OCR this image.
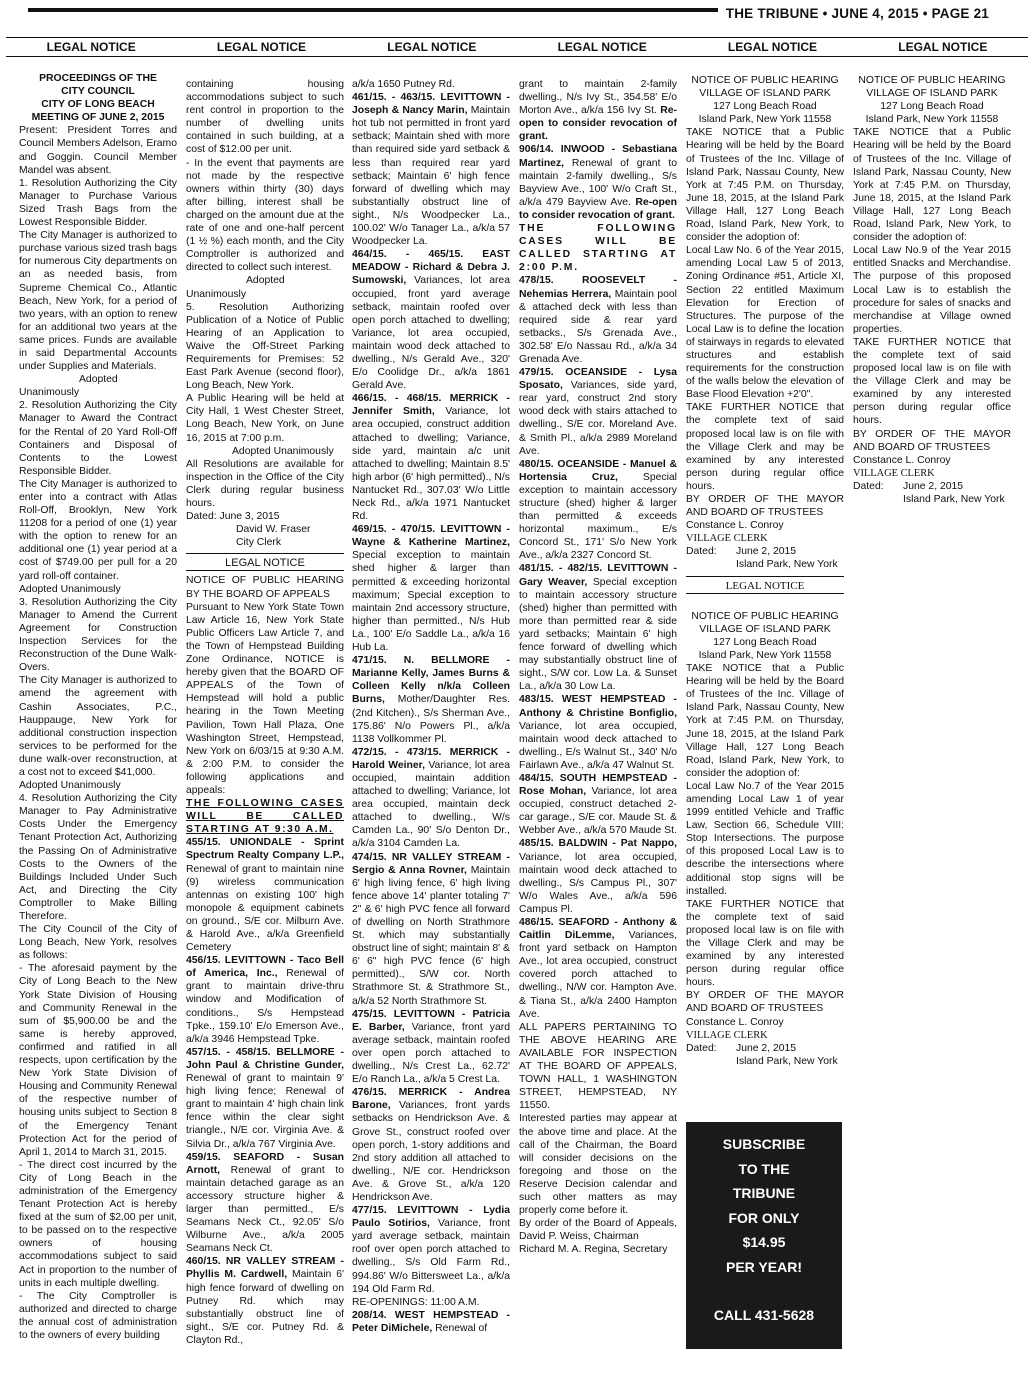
THE TRIBUNE • JUNE 4, 2015 • PAGE 21
LEGAL NOTICE	LEGAL NOTICE	LEGAL NOTICE	LEGAL NOTICE	LEGAL NOTICE	LEGAL NOTICE

PROCEEDINGS OF THE

CITY COUNCIL

CITY OF LONG BEACH

MEETING OF JUNE 2, 2015

Present: President Torres and Council Members Adelson, Eramo and Goggin. Council Member Mandel was absent.

1. Resolution Authorizing the City Manager to Purchase Various Sized Trash Bags from the Lowest Responsible Bidder.

The City Manager is authorized to purchase various sized trash bags for numerous City departments on an as needed basis, from Supreme Chemical Co., Atlantic Beach, New York, for a period of two years, with an option to renew for an additional two years at the same prices. Funds are available in said Departmental Accounts under Supplies and Materials.

Adopted Unanimously

2. Resolution Authorizing the City Manager to Award the Contract for the Rental of 20 Yard Roll-Off Containers and Disposal of Contents to the Lowest Responsible Bidder.

The City Manager is authorized to enter into a contract with Atlas Roll-Off, Brooklyn, New York 11208 for a period of one (1) year with the option to renew for an additional one (1) year period at a cost of $749.00 per pull for a 20 yard roll-off container.

Adopted Unanimously

3. Resolution Authorizing the City Manager to Amend the Current Agreement for Construction Inspection Services for the Reconstruction of the Dune Walk-Overs.

The City Manager is authorized to amend the agreement with Cashin Associates, P.C., Hauppauge, New York for additional construction inspection services to be performed for the dune walk-over reconstruction, at a cost not to exceed $41,000.

Adopted Unanimously

4. Resolution Authorizing the City Manager to Pay Administrative Costs Under the Emergency Tenant Protection Act, Authorizing the Passing On of Administrative Costs to the Owners of the Buildings Included Under Such Act, and Directing the City Comptroller to Make Billing Therefore.

The City Council of the City of Long Beach, New York, resolves as follows:

- The aforesaid payment by the City of Long Beach to the New York State Division of Housing and Community Renewal in the sum of $5,900.00 be and the same is hereby approved, confirmed and ratified in all respects, upon certification by the New York State Division of Housing and Community Renewal of the respective number of housing units subject to Section 8 of the Emergency Tenant Protection Act for the period of April 1, 2014 to March 31, 2015.

- The direct cost incurred by the City of Long Beach in the administration of the Emergency Tenant Protection Act is hereby fixed at the sum of $2.00 per unit, to be passed on to the respective owners of housing accommodations subject to said Act in proportion to the number of units in each multiple dwelling.

- The City Comptroller is authorized and directed to charge the annual cost of administration to the owners of every building

containing housing accommodations subject to such rent control in proportion to the number of dwelling units contained in such building, at a cost of $12.00 per unit.

- In the event that payments are not made by the respective owners within thirty (30) days after billing, interest shall be charged on the amount due at the rate of one and one-half percent (1 ½ %) each month, and the City Comptroller is authorized and directed to collect such interest.

Adopted Unanimously

5. Resolution Authorizing Publication of a Notice of Public Hearing of an Application to Waive the Off-Street Parking Requirements for Premises: 52 East Park Avenue (second floor), Long Beach, New York.

A Public Hearing will be held at City Hall, 1 West Chester Street, Long Beach, New York, on June 16, 2015 at 7:00 p.m.

Adopted Unanimously

All Resolutions are available for inspection in the Office of the City Clerk during regular business hours.

Dated: June 3, 2015

David W. Fraser

City Clerk

LEGAL NOTICE

NOTICE OF PUBLIC HEARING BY THE BOARD OF APPEALS

Pursuant to New York State Town Law Article 16, New York State Public Officers Law Article 7, and the Town of Hempstead Building Zone Ordinance, NOTICE is hereby given that the BOARD OF APPEALS of the Town of Hempstead will hold a public hearing in the Town Meeting Pavilion, Town Hall Plaza, One Washington Street, Hempstead, New York on 6/03/15 at 9:30 A.M. & 2:00 P.M. to consider the following applications and appeals:

THE FOLLOWING CASES WILL BE CALLED STARTING AT 9:30 A.M.

455/15. UNIONDALE - Sprint Spectrum Realty Company L.P., Renewal of grant to maintain nine (9) wireless communication antennas on existing 100' high monopole & equipment cabinets on ground., S/E cor. Milburn Ave. & Harold Ave., a/k/a Greenfield Cemetery

456/15. LEVITTOWN - Taco Bell of America, Inc., Renewal of grant to maintain drive-thru window and Modification of conditions., S/s Hempstead Tpke., 159.10' E/o Emerson Ave., a/k/a 3946 Hempstead Tpke.

457/15. - 458/15. BELLMORE - John Paul & Christine Gunder, Renewal of grant to maintain 9' high living fence; Renewal of grant to maintain 4' high chain link fence within the clear sight triangle., N/E cor. Virginia Ave. & Silvia Dr., a/k/a 767 Virginia Ave.

459/15. SEAFORD - Susan Arnott, Renewal of grant to maintain detached garage as an accessory structure higher & larger than permitted., E/s Seamans Neck Ct., 92.05' S/o Wilburne Ave., a/k/a 2005 Seamans Neck Ct.

460/15. NR VALLEY STREAM - Phyllis M. Cardwell, Maintain 6' high fence forward of dwelling on Putney Rd. which may substantially obstruct line of sight., S/E cor. Putney Rd. & Clayton Rd.,

a/k/a 1650 Putney Rd.

461/15. - 463/15. LEVITTOWN - Joseph & Nancy Marin, Maintain hot tub not permitted in front yard setback; Maintain shed with more than required side yard setback & less than required rear yard setback; Maintain 6' high fence forward of dwelling which may substantially obstruct line of sight., N/s Woodpecker La., 100.02' W/o Tanager La., a/k/a 57 Woodpecker La.

464/15. - 465/15. EAST MEADOW - Richard & Debra J. Sumowski, Variances, lot area occupied, front yard average setback, maintain roofed over open porch attached to dwelling; Variance, lot area occupied, maintain wood deck attached to dwelling., N/s Gerald Ave., 320' E/o Coolidge Dr., a/k/a 1861 Gerald Ave.

466/15. - 468/15. MERRICK - Jennifer Smith, Variance, lot area occupied, construct addition attached to dwelling; Variance, side yard, maintain a/c unit attached to dwelling; Maintain 8.5' high arbor (6' high permitted)., N/s Nantucket Rd., 307.03' W/o Little Neck Rd., a/k/a 1971 Nantucket Rd.

469/15. - 470/15. LEVITTOWN - Wayne & Katherine Martinez, Special exception to maintain shed higher & larger than permitted & exceeding horizontal maximum; Special exception to maintain 2nd accessory structure, higher than permitted., N/s Hub La., 100' E/o Saddle La., a/k/a 16 Hub La.

471/15. N. BELLMORE - Marianne Kelly, James Burns & Colleen Kelly n/k/a Colleen Burns, Mother/Daughter Res. (2nd Kitchen)., S/s Sherman Ave., 175.86' N/o Powers Pl., a/k/a 1138 Vollkommer Pl.

472/15. - 473/15. MERRICK - Harold Weiner, Variance, lot area occupied, maintain addition attached to dwelling; Variance, lot area occupied, maintain deck attached to dwelling., W/s Camden La., 90' S/o Denton Dr., a/k/a 3104 Camden La.

474/15. NR VALLEY STREAM - Sergio & Anna Rovner, Maintain 6' high living fence, 6' high living fence above 14' planter totaling 7' 2" & 6' high PVC fence all forward of dwelling on North Strathmore St. which may substantially obstruct line of sight; maintain 8' & 6' 6" high PVC fence (6' high permitted)., S/W cor. North Strathmore St. & Strathmore St., a/k/a 52 North Strathmore St.

475/15. LEVITTOWN - Patricia E. Barber, Variance, front yard average setback, maintain roofed over open porch attached to dwelling., N/s Crest La., 62.72' E/o Ranch La., a/k/a 5 Crest La.

476/15. MERRICK - Andrea Barone, Variances, front yards setbacks on Hendrickson Ave. & Grove St., construct roofed over open porch, 1-story additions and 2nd story addition all attached to dwelling., N/E cor. Hendrickson Ave. & Grove St., a/k/a 120 Hendrickson Ave.

477/15. LEVITTOWN - Lydia Paulo Sotirios, Variance, front yard average setback, maintain roof over open porch attached to dwelling., S/s Old Farm Rd., 994.86' W/o Bittersweet La., a/k/a 194 Old Farm Rd.

RE-OPENINGS: 11:00 A.M.

208/14. WEST HEMPSTEAD - Peter DiMichele, Renewal of

grant to maintain 2-family dwelling., N/s Ivy St., 354.58' E/o Morton Ave., a/k/a 156 Ivy St. Re-open to consider revocation of grant.

906/14. INWOOD - Sebastiana Martinez, Renewal of grant to maintain 2-family dwelling., S/s Bayview Ave., 100' W/o Craft St., a/k/a 479 Bayview Ave. Re-open to consider revocation of grant.

THE FOLLOWING CASES WILL BE CALLED STARTING AT 2:00 P.M.

478/15. ROOSEVELT - Nehemias Herrera, Maintain pool & attached deck with less than required side & rear yard setbacks., S/s Grenada Ave., 302.58' E/o Nassau Rd., a/k/a 34 Grenada Ave.

479/15. OCEANSIDE - Lysa Sposato, Variances, side yard, rear yard, construct 2nd story wood deck with stairs attached to dwelling., S/E cor. Moreland Ave. & Smith Pl., a/k/a 2989 Moreland Ave.

480/15. OCEANSIDE - Manuel & Hortensia Cruz, Special exception to maintain accessory structure (shed) higher & larger than permitted & exceeds horizontal maximum., E/s Concord St., 171' S/o New York Ave., a/k/a 2327 Concord St.

481/15. - 482/15. LEVITTOWN - Gary Weaver, Special exception to maintain accessory structure (shed) higher than permitted with more than permitted rear & side yard setbacks; Maintain 6' high fence forward of dwelling which may substantially obstruct line of sight., S/W cor. Low La. & Sunset La., a/k/a 30 Low La.

483/15. WEST HEMPSTEAD - Anthony & Christine Bonfiglio, Variance, lot area occupied, maintain wood deck attached to dwelling., E/s Walnut St., 340' N/o Fairlawn Ave., a/k/a 47 Walnut St.

484/15. SOUTH HEMPSTEAD - Rose Mohan, Variance, lot area occupied, construct detached 2-car garage., S/E cor. Maude St. & Webber Ave., a/k/a 570 Maude St.

485/15. BALDWIN - Pat Nappo, Variance, lot area occupied, maintain wood deck attached to dwelling., S/s Campus Pl., 307' W/o Wales Ave., a/k/a 596 Campus Pl.

486/15. SEAFORD - Anthony & Caitlin DiLemme, Variances, front yard setback on Hampton Ave., lot area occupied, construct covered porch attached to dwelling., N/W cor. Hampton Ave. & Tiana St., a/k/a 2400 Hampton Ave.

ALL PAPERS PERTAINING TO THE ABOVE HEARING ARE AVAILABLE FOR INSPECTION AT THE BOARD OF APPEALS, TOWN HALL, 1 WASHINGTON STREET, HEMPSTEAD, NY 11550.

Interested parties may appear at the above time and place. At the call of the Chairman, the Board will consider decisions on the foregoing and those on the Reserve Decision calendar and such other matters as may properly come before it.

By order of the Board of Appeals, David P. Weiss, Chairman

Richard M. A. Regina, Secretary

NOTICE OF PUBLIC HEARING VILLAGE OF ISLAND PARK

127 Long Beach Road

Island Park, New York 11558

TAKE NOTICE that a Public Hearing will be held by the Board of Trustees of the Inc. Village of Island Park, Nassau County, New York at 7:45 P.M. on Thursday, June 18, 2015, at the Island Park Village Hall, 127 Long Beach Road, Island Park, New York, to consider the adoption of:

Local Law No. 6 of the Year 2015, amending Local Law 5 of 2013, Zoning Ordinance #51, Article XI, Section 22 entitled Maximum Elevation for Erection of Structures. The purpose of the Local Law is to define the location of stairways in regards to elevated structures and establish requirements for the construction of the walls below the elevation of Base Flood Elevation +2'0".

TAKE FURTHER NOTICE that the complete text of said proposed local law is on file with the Village Clerk and may be examined by any interested person during regular office hours.

BY ORDER OF THE MAYOR AND BOARD OF TRUSTEES

Constance L. Conroy

VILLAGE CLERK

Dated: June 2, 2015

Island Park, New York

LEGAL NOTICE

NOTICE OF PUBLIC HEARING VILLAGE OF ISLAND PARK

127 Long Beach Road

Island Park, New York 11558

TAKE NOTICE that a Public Hearing will be held by the Board of Trustees of the Inc. Village of Island Park, Nassau County, New York at 7:45 P.M. on Thursday, June 18, 2015, at the Island Park Village Hall, 127 Long Beach Road, Island Park, New York, to consider the adoption of:

Local Law No.7 of the Year 2015 amending Local Law 1 of year 1999 entitled Vehicle and Traffic Law, Section 66, Schedule VIII: Stop Intersections. The purpose of this proposed Local Law is to describe the intersections where additional stop signs will be installed.

TAKE FURTHER NOTICE that the complete text of said proposed local law is on file with the Village Clerk and may be examined by any interested person during regular office hours.

BY ORDER OF THE MAYOR AND BOARD OF TRUSTEES

Constance L. Conroy

VILLAGE CLERK

Dated: June 2, 2015

Island Park, New York

NOTICE OF PUBLIC HEARING VILLAGE OF ISLAND PARK

127 Long Beach Road

Island Park, New York 11558

TAKE NOTICE that a Public Hearing will be held by the Board of Trustees of the Inc. Village of Island Park, Nassau County, New York at 7:45 P.M. on Thursday, June 18, 2015, at the Island Park Village Hall, 127 Long Beach Road, Island Park, New York, to consider the adoption of:

Local Law No.9 of the Year 2015 entitled Snacks and Merchandise. The purpose of this proposed Local Law is to establish the procedure for sales of snacks and merchandise at Village owned properties.

TAKE FURTHER NOTICE that the complete text of said proposed local law is on file with the Village Clerk and may be examined by any interested person during regular office hours.

BY ORDER OF THE MAYOR AND BOARD OF TRUSTEES

Constance L. Conroy

VILLAGE CLERK

Dated: June 2, 2015

Island Park, New York

SUBSCRIBE
TO THE
TRIBUNE
FOR ONLY
$14.95
PER YEAR!
CALL 431-5628
